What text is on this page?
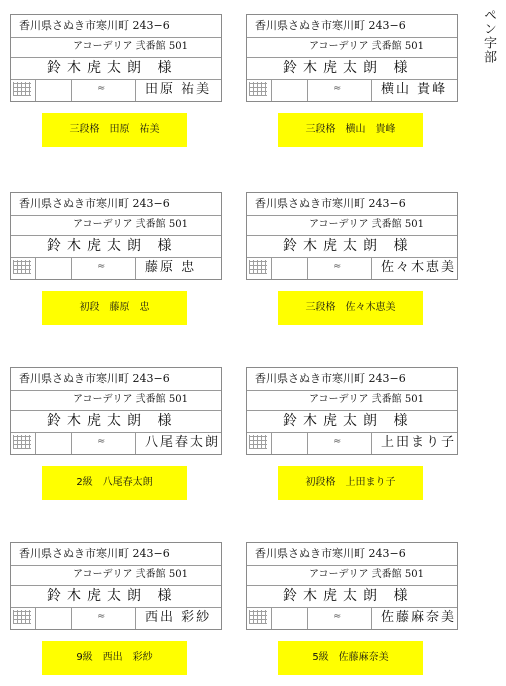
ペン字部
香川県さぬき市寒川町 243−6
アコーデリア 弐番館 501
鈴木虎太朗 様
≈	田原 祐美
三段格　田原　祐美
香川県さぬき市寒川町 243−6
アコーデリア 弐番館 501
鈴木虎太朗 様
≈	横山 貴峰
三段格　横山　貴峰
香川県さぬき市寒川町 243−6
アコーデリア 弐番館 501
鈴木虎太朗 様
≈	藤原 忠
初段　藤原　忠
香川県さぬき市寒川町 243−6
アコーデリア 弐番館 501
鈴木虎太朗 様
≈	佐々木恵美
三段格　佐々木恵美
香川県さぬき市寒川町 243−6
アコーデリア 弐番館 501
鈴木虎太朗 様
≈	八尾春太朗
2級　八尾春太朗
香川県さぬき市寒川町 243−6
アコーデリア 弐番館 501
鈴木虎太朗 様
≈	上田まり子
初段格　上田まり子
香川県さぬき市寒川町 243−6
アコーデリア 弐番館 501
鈴木虎太朗 様
≈	西出 彩紗
9級　西出　彩紗
香川県さぬき市寒川町 243−6
アコーデリア 弐番館 501
鈴木虎太朗 様
≈	佐藤麻奈美
5級　佐藤麻奈美
